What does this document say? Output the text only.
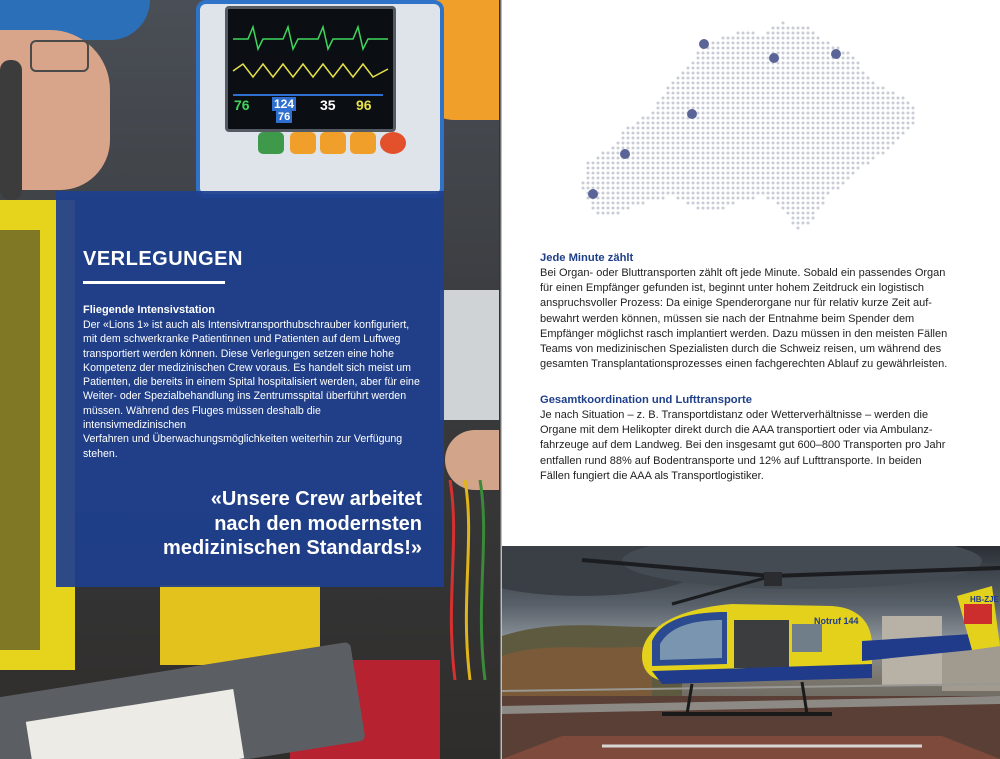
76 124
76
35 96
VERLEGUNGEN
Fliegende Intensivstation

Der «Lions 1» ist auch als Intensivtransporthubschrauber konfiguriert,
mit dem schwerkranke Patientinnen und Patienten auf dem Luftweg
transportiert werden können. Diese Verlegungen setzen eine hohe
Kompetenz der medizinischen Crew voraus. Es handelt sich meist um
Patienten, die bereits in einem Spital hospitalisiert werden, aber für eine
Weiter- oder Spezialbehandlung ins Zentrumsspital überführt werden
müssen. Während des Fluges müssen deshalb die intensivmedizinischen
Verfahren und Überwachungsmöglichkeiten weiterhin zur Verfügung
stehen.

«Unsere Crew arbeitet
nach den modernsten
medizinischen Standards!»

Jede Minute zählt

Bei Organ- oder Bluttransporten zählt oft jede Minute. Sobald ein passendes Organ
für einen Empfänger gefunden ist, beginnt unter hohem Zeitdruck ein logistisch
anspruchsvoller Prozess: Da einige Spenderorgane nur für relativ kurze Zeit auf-
bewahrt werden können, müssen sie nach der Entnahme beim Spender dem
Empfänger möglichst rasch implantiert werden. Dazu müssen in den meisten Fällen
Teams von medizinischen Spezialisten durch die Schweiz reisen, um während des
gesamten Transplantationsprozesses einen fachgerechten Ablauf zu gewährleisten.

Gesamtkoordination und Lufttransporte

Je nach Situation – z. B. Transportdistanz oder Wetterverhältnisse – werden die
Organe mit dem Helikopter direkt durch die AAA transportiert oder via Ambulanz-
fahrzeuge auf dem Landweg. Bei den insgesamt gut 600–800 Transporten pro Jahr
entfallen rund 88% auf Bodentransporte und 12% auf Lufttransporte. In beiden
Fällen fungiert die AAA als Transportlogistiker.

Notruf 144
AAA
HB-ZJE
